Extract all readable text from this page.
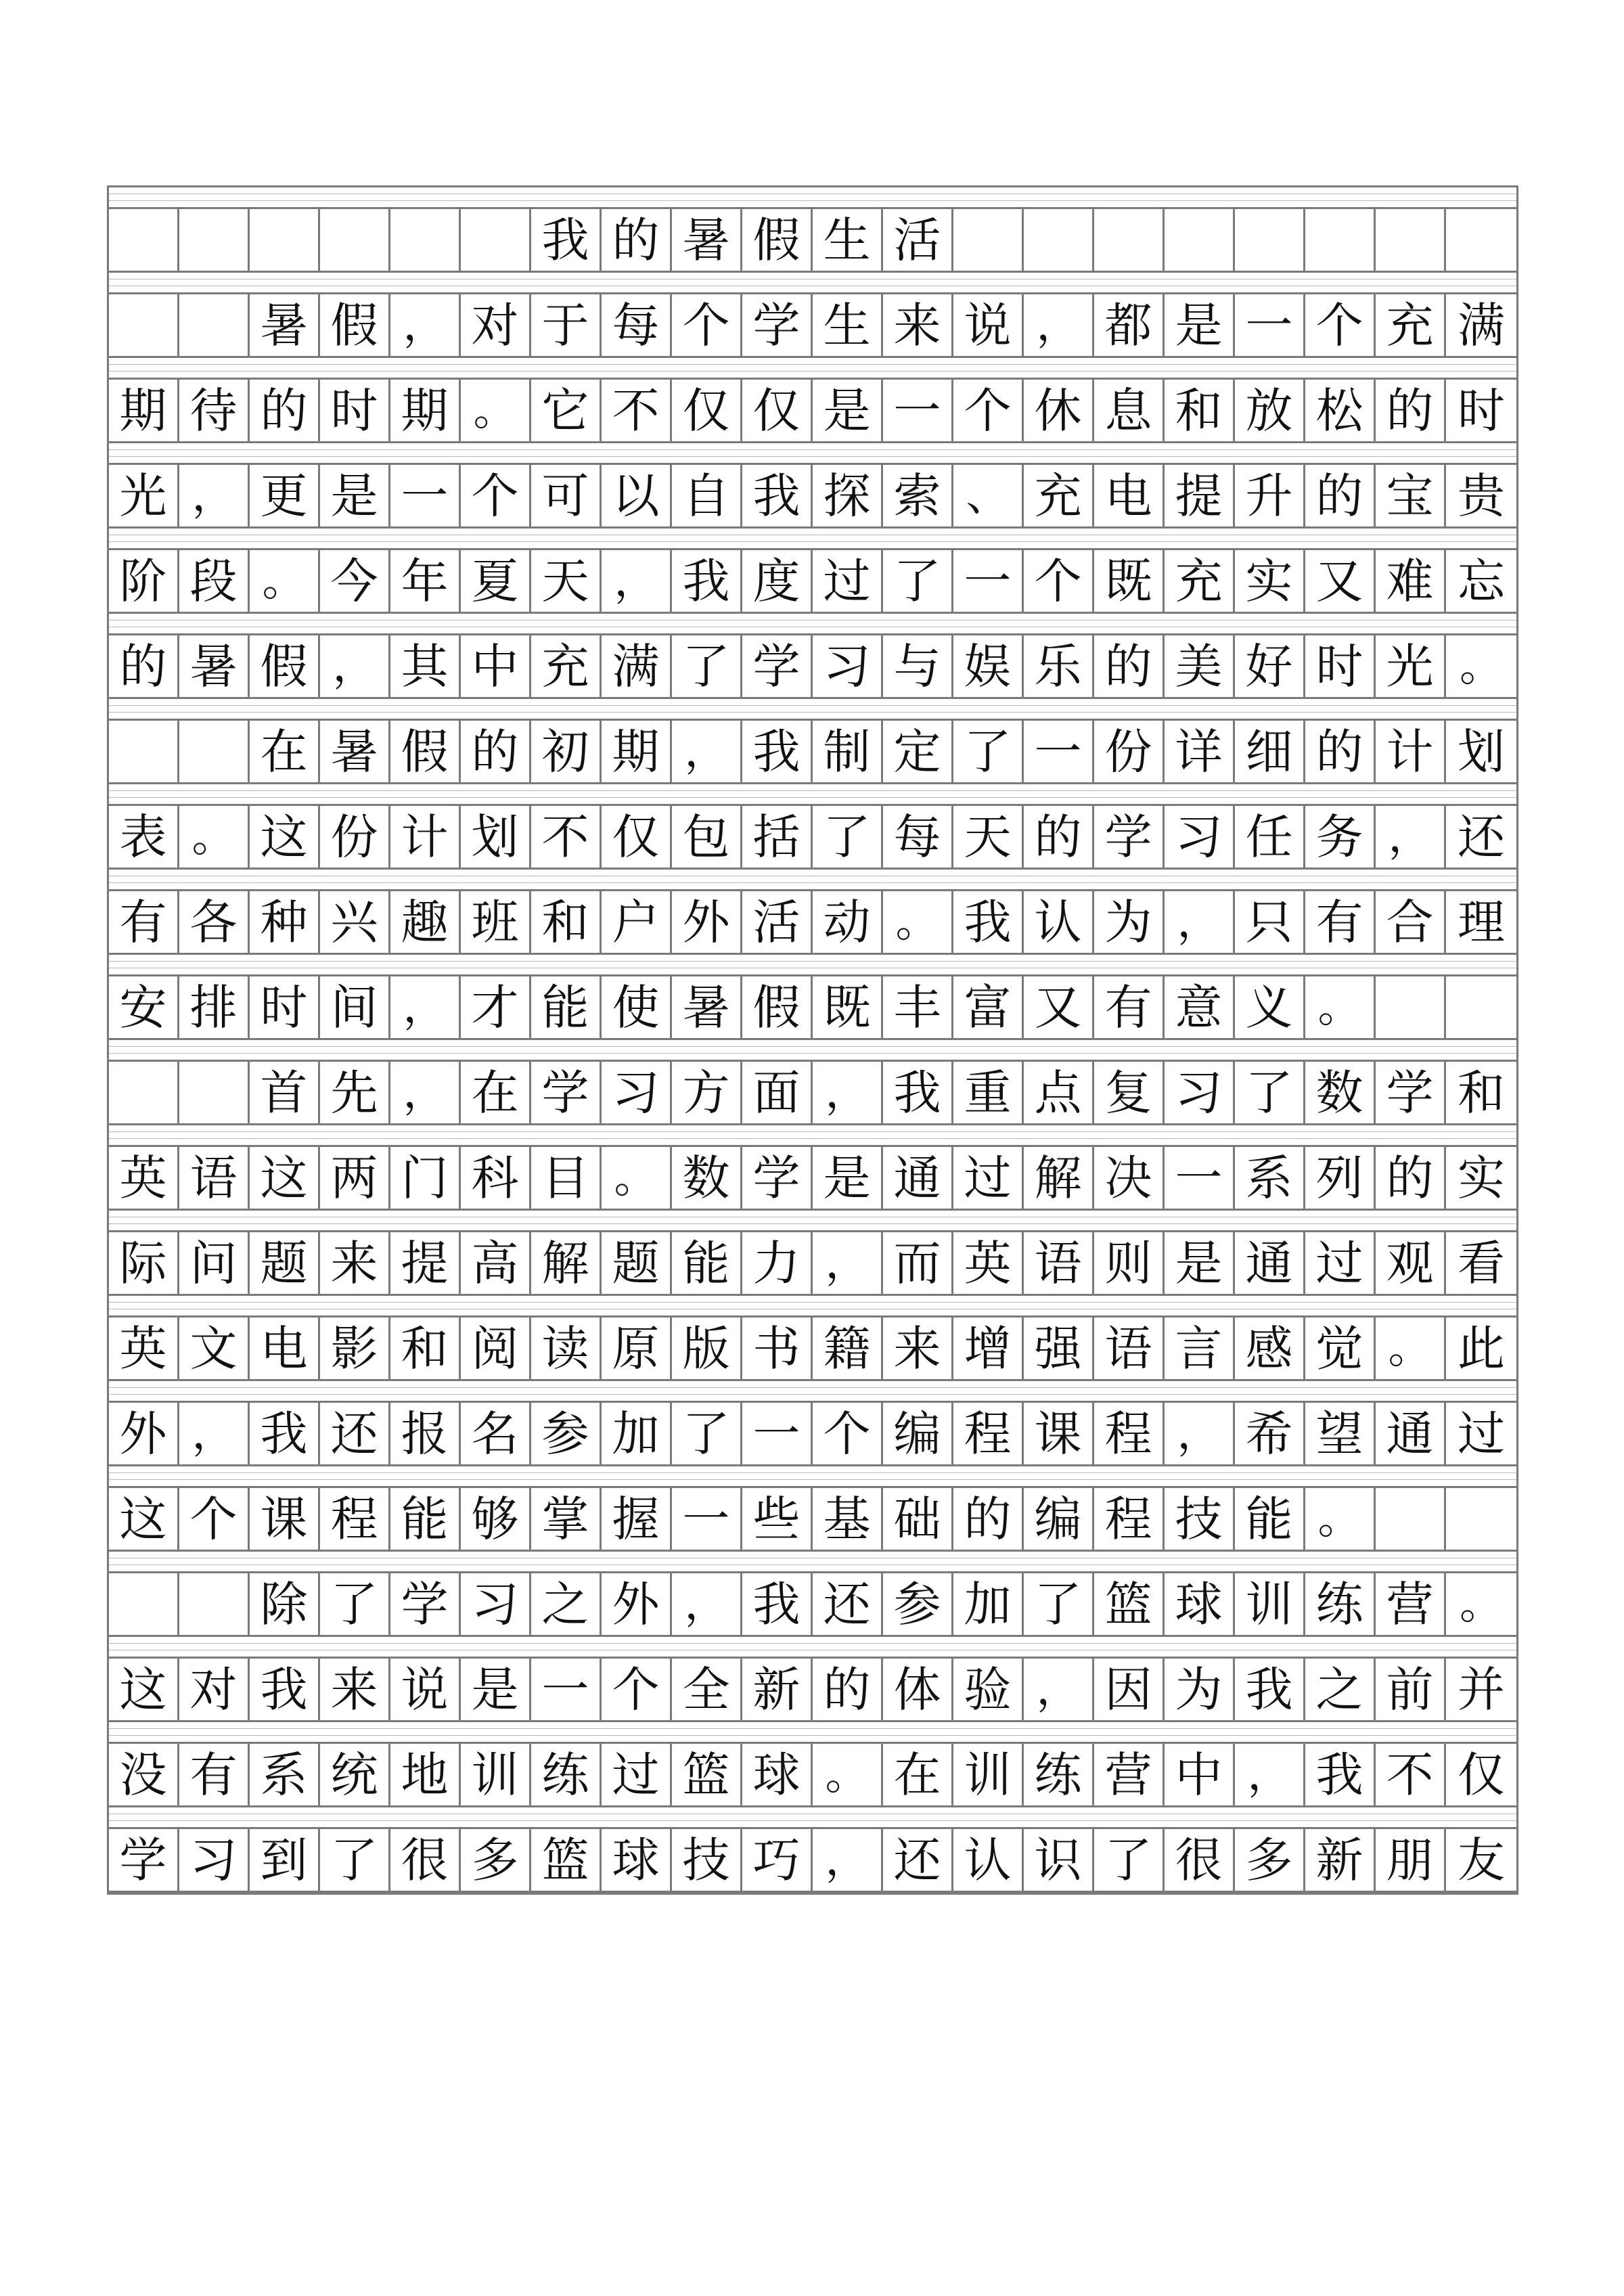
我 的 暑 假 生 活
暑 假 ， 对 于 每 个 学 生 来 说 ， 都 是 一 个 充 满
期 待 的 时 期 。 它 不 仅 仅 是 一 个 休 息 和 放 松 的 时
光 ， 更 是 一 个 可 以 自 我 探 索 、 充 电 提 升 的 宝 贵
阶 段 。 今 年 夏 天 ， 我 度 过 了 一 个 既 充 实 又 难 忘
的 暑 假 ， 其 中 充 满 了 学 习 与 娱 乐 的 美 好 时 光 。
在 暑 假 的 初 期 ， 我 制 定 了 一 份 详 细 的 计 划
表 。 这 份 计 划 不 仅 包 括 了 每 天 的 学 习 任 务 ， 还
有 各 种 兴 趣 班 和 户 外 活 动 。 我 认 为 ， 只 有 合 理
安 排 时 间 ， 才 能 使 暑 假 既 丰 富 又 有 意 义 。
首 先 ， 在 学 习 方 面 ， 我 重 点 复 习 了 数 学 和
英 语 这 两 门 科 目 。 数 学 是 通 过 解 决 一 系 列 的 实
际 问 题 来 提 高 解 题 能 力 ， 而 英 语 则 是 通 过 观 看
英 文 电 影 和 阅 读 原 版 书 籍 来 增 强 语 言 感 觉 。 此
外 ， 我 还 报 名 参 加 了 一 个 编 程 课 程 ， 希 望 通 过
这 个 课 程 能 够 掌 握 一 些 基 础 的 编 程 技 能 。
除 了 学 习 之 外 ， 我 还 参 加 了 篮 球 训 练 营 。
这 对 我 来 说 是 一 个 全 新 的 体 验 ， 因 为 我 之 前 并
没 有 系 统 地 训 练 过 篮 球 。 在 训 练 营 中 ， 我 不 仅
学 习 到 了 很 多 篮 球 技 巧 ， 还 认 识 了 很 多 新 朋 友
